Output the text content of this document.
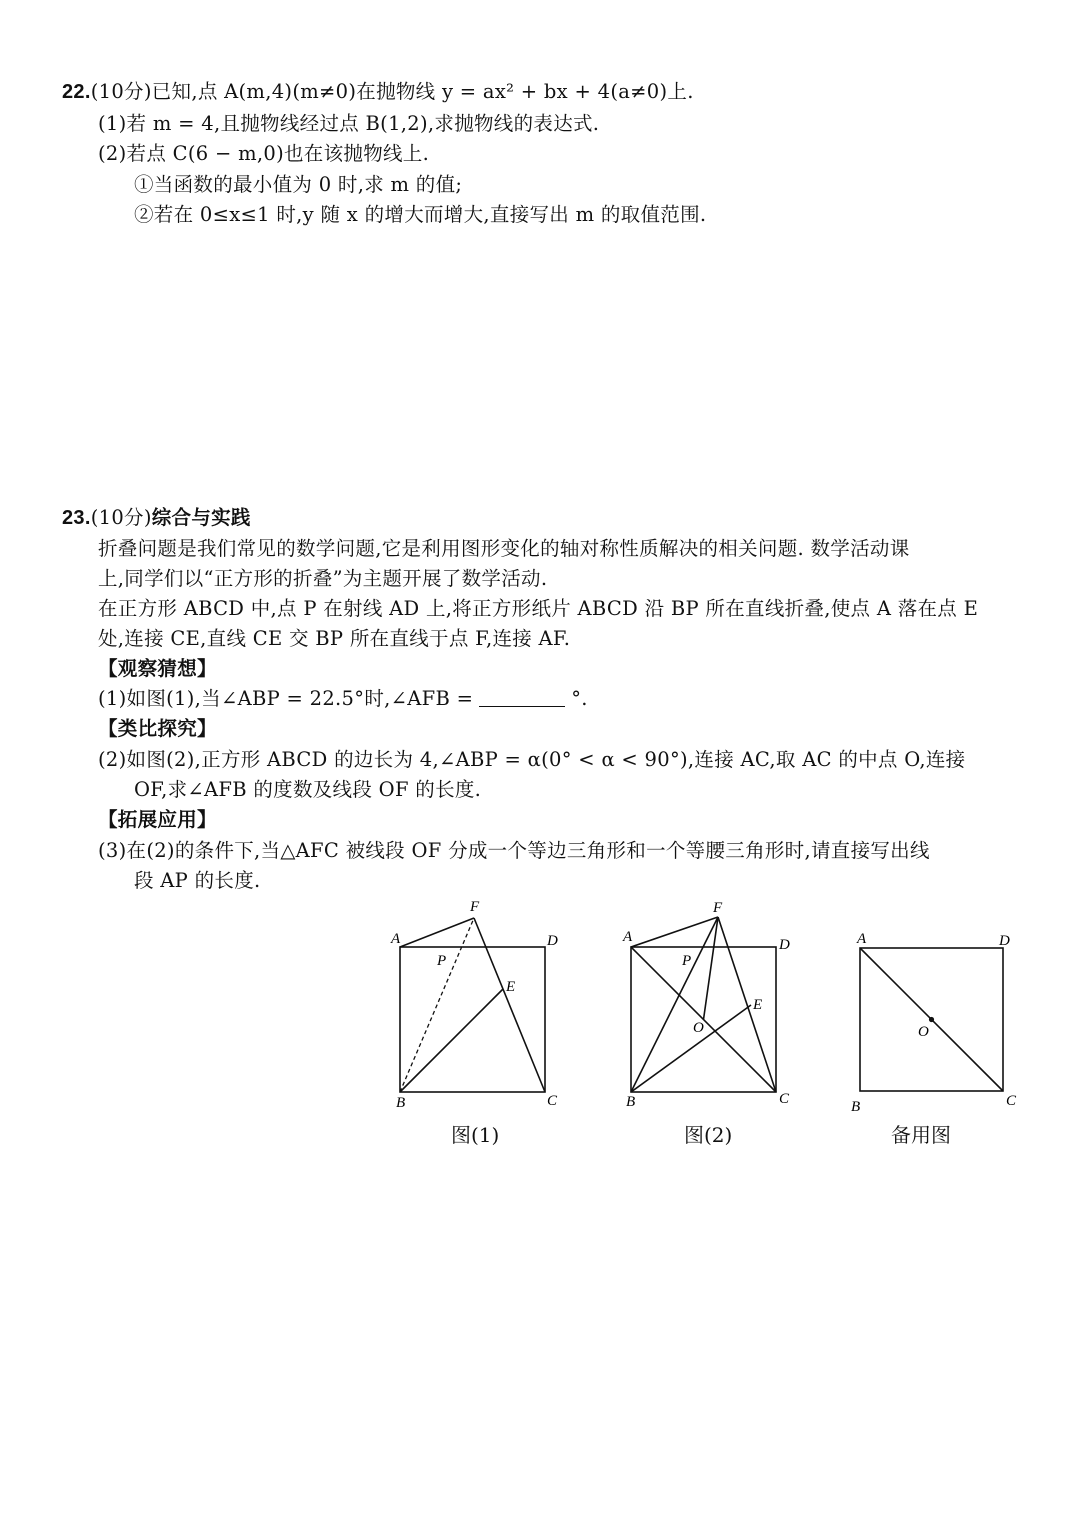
22.(10分)已知,点 A(m,4)(m≠0)在抛物线 y = ax² + bx + 4(a≠0)上.
(1)若 m = 4,且抛物线经过点 B(1,2),求抛物线的表达式.
(2)若点 C(6 − m,0)也在该抛物线上.
①当函数的最小值为 0 时,求 m 的值;
②若在 0≤x≤1 时,y 随 x 的增大而增大,直接写出 m 的取值范围.
23.(10分)综合与实践
折叠问题是我们常见的数学问题,它是利用图形变化的轴对称性质解决的相关问题. 数学活动课
上,同学们以“正方形的折叠”为主题开展了数学活动.
在正方形 ABCD 中,点 P 在射线 AD 上,将正方形纸片 ABCD 沿 BP 所在直线折叠,使点 A 落在点 E
处,连接 CE,直线 CE 交 BP 所在直线于点 F,连接 AF.
【观察猜想】
(1)如图(1),当∠ABP = 22.5°时,∠AFB =	°.
【类比探究】
(2)如图(2),正方形 ABCD 的边长为 4,∠ABP = α(0° < α < 90°),连接 AC,取 AC 的中点 O,连接
OF,求∠AFB 的度数及线段 OF 的长度.
【拓展应用】
(3)在(2)的条件下,当△AFC 被线段 OF 分成一个等边三角形和一个等腰三角形时,请直接写出线
段 AP 的长度.
A	D
B	C
F
P
E
图(1)
A	D
B	C
F
P
E
O
图(2)
A	D
B	C
O
备用图
